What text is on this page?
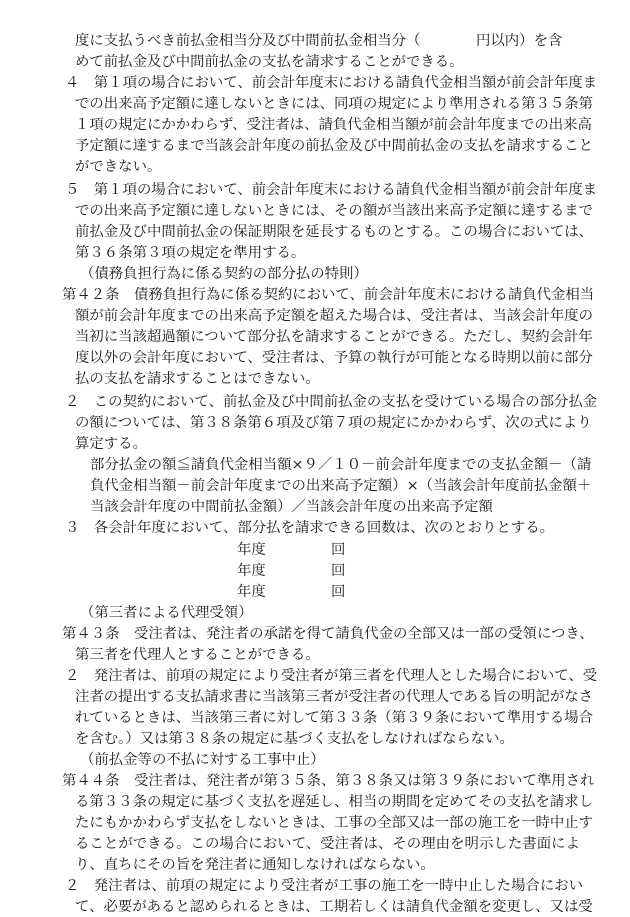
度に支払うべき前払金相当分及び中間前払金相当分（	円以内）を含
めて前払金及び中間前払金の支払を請求することができる。
４　第１項の場合において、前会計年度末における請負代金相当額が前会計年度ま
での出来高予定額に達しないときには、同項の規定により準用される第３５条第
１項の規定にかかわらず、受注者は、請負代金相当額が前会計年度までの出来高
予定額に達するまで当該会計年度の前払金及び中間前払金の支払を請求すること
ができない。
５　第１項の場合において、前会計年度末における請負代金相当額が前会計年度ま
での出来高予定額に達しないときには、その額が当該出来高予定額に達するまで
前払金及び中間前払金の保証期限を延長するものとする。この場合においては、
第３６条第３項の規定を準用する。
（債務負担行為に係る契約の部分払の特則）
第４２条　債務負担行為に係る契約において、前会計年度末における請負代金相当
額が前会計年度までの出来高予定額を超えた場合は、受注者は、当該会計年度の
当初に当該超過額について部分払を請求することができる。ただし、契約会計年
度以外の会計年度において、受注者は、予算の執行が可能となる時期以前に部分
払の支払を請求することはできない。
２　この契約において、前払金及び中間前払金の支払を受けている場合の部分払金
の額については、第３８条第６項及び第７項の規定にかかわらず、次の式により
算定する。
部分払金の額≦請負代金相当額×９／１０－前会計年度までの支払金額－（請
負代金相当額－前会計年度までの出来高予定額）×（当該会計年度前払金額＋
当該会計年度の中間前払金額）／当該会計年度の出来高予定額
３　各会計年度において、部分払を請求できる回数は、次のとおりとする。
年度	回
年度	回
年度	回
（第三者による代理受領）
第４３条　受注者は、発注者の承諾を得て請負代金の全部又は一部の受領につき、
第三者を代理人とすることができる。
２　発注者は、前項の規定により受注者が第三者を代理人とした場合において、受
注者の提出する支払請求書に当該第三者が受注者の代理人である旨の明記がなさ
れているときは、当該第三者に対して第３３条（第３９条において準用する場合
を含む。）又は第３８条の規定に基づく支払をしなければならない。
（前払金等の不払に対する工事中止）
第４４条　受注者は、発注者が第３５条、第３８条又は第３９条において準用され
る第３３条の規定に基づく支払を遅延し、相当の期間を定めてその支払を請求し
たにもかかわらず支払をしないときは、工事の全部又は一部の施工を一時中止す
ることができる。この場合において、受注者は、その理由を明示した書面によ
り、直ちにその旨を発注者に通知しなければならない。
２　発注者は、前項の規定により受注者が工事の施工を一時中止した場合におい
て、必要があると認められるときは、工期若しくは請負代金額を変更し、又は受
